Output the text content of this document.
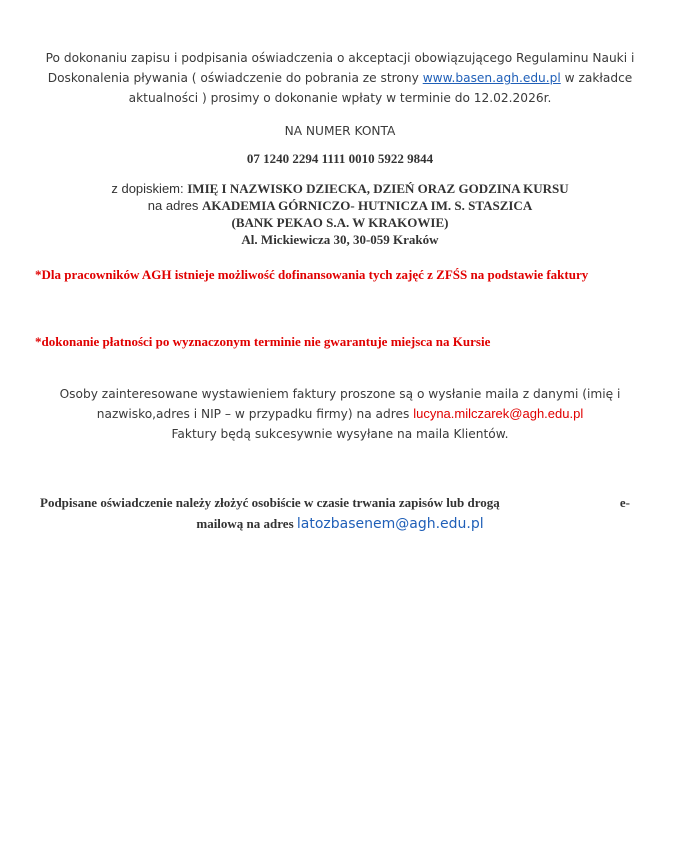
Po dokonaniu zapisu i podpisania oświadczenia o akceptacji obowiązującego Regulaminu Nauki i Doskonalenia pływania ( oświadczenie do pobrania ze strony www.basen.agh.edu.pl w zakładce aktualności ) prosimy o dokonanie wpłaty w terminie do 12.02.2026r.
NA NUMER KONTA
07 1240 2294 1111 0010 5922 9844
z dopiskiem: IMIĘ I NAZWISKO DZIECKA, DZIEŃ ORAZ GODZINA KURSU
na adres AKADEMIA GÓRNICZO- HUTNICZA IM. S. STASZICA
(BANK PEKAO S.A. W KRAKOWIE)
Al. Mickiewicza 30, 30-059 Kraków
*Dla pracowników AGH istnieje możliwość dofinansowania tych zajęć z ZFŚS na podstawie faktury
*dokonanie płatności po wyznaczonym terminie nie gwarantuje miejsca na Kursie
Osoby zainteresowane wystawieniem faktury proszone są o wysłanie maila z danymi (imię i nazwisko,adres i NIP – w przypadku firmy) na adres lucyna.milczarek@agh.edu.pl
Faktury będą sukcesywnie wysyłane na maila Klientów.
Podpisane oświadczenie należy złożyć osobiście w czasie trwania zapisów lub drogą	e-
mailową na adres latozbasenem@agh.edu.pl
